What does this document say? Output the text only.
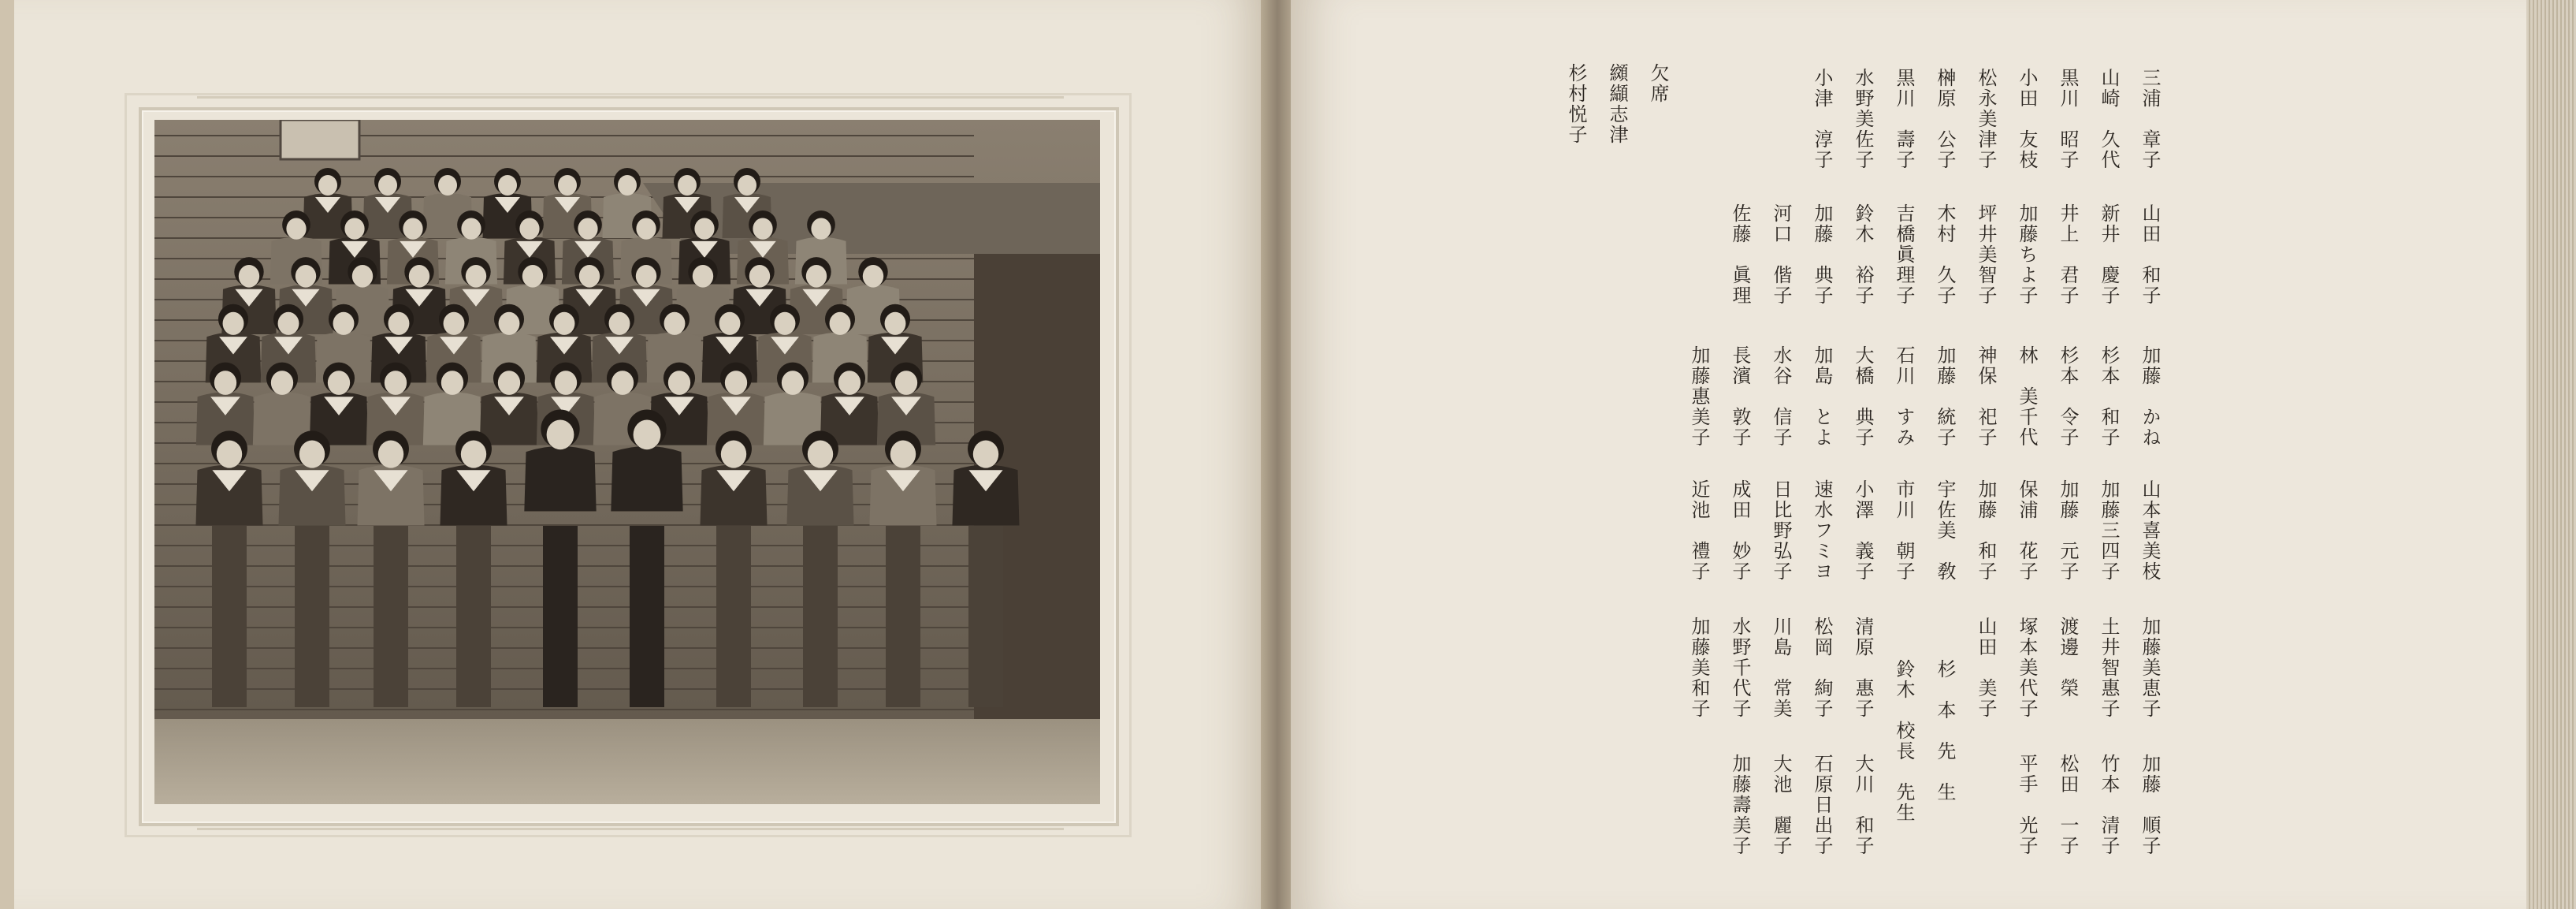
三浦　章子
山田　和子
加藤　かね
山本喜美枝
加藤美恵子
加藤　順子
山崎　久代
新井　慶子
杉本　和子
加藤三四子
土井智惠子
竹本　清子
黒川　昭子
井上　君子
杉本　令子
加藤　元子
渡邊　榮
松田　一子
小田　友枝
加藤ちよ子
林　美千代
保浦　花子
塚本美代子
平手　光子
松永美津子
坪井美智子
神保　祀子
加藤　和子
山田　美子
榊原　公子
木村　久子
加藤　統子
宇佐美　敎
杉　本　先　生
黒川　壽子
吉橋眞理子
石川　すみ
市川　朝子
鈴木　校長　先生
水野美佐子
鈴木　裕子
大橋　典子
小澤　義子
清原　惠子
大川　和子
小津　淳子
加藤　典子
加島　とよ
速水フミヨ
松岡　絢子
石原日出子
河口　偕子
水谷　信子
日比野弘子
川島　常美
大池　麗子
佐藤　眞理
長濱　敦子
成田　妙子
水野千代子
加藤壽美子
加藤惠美子
近池　禮子
加藤美和子
欠席
纐纈志津
杉村悦子
